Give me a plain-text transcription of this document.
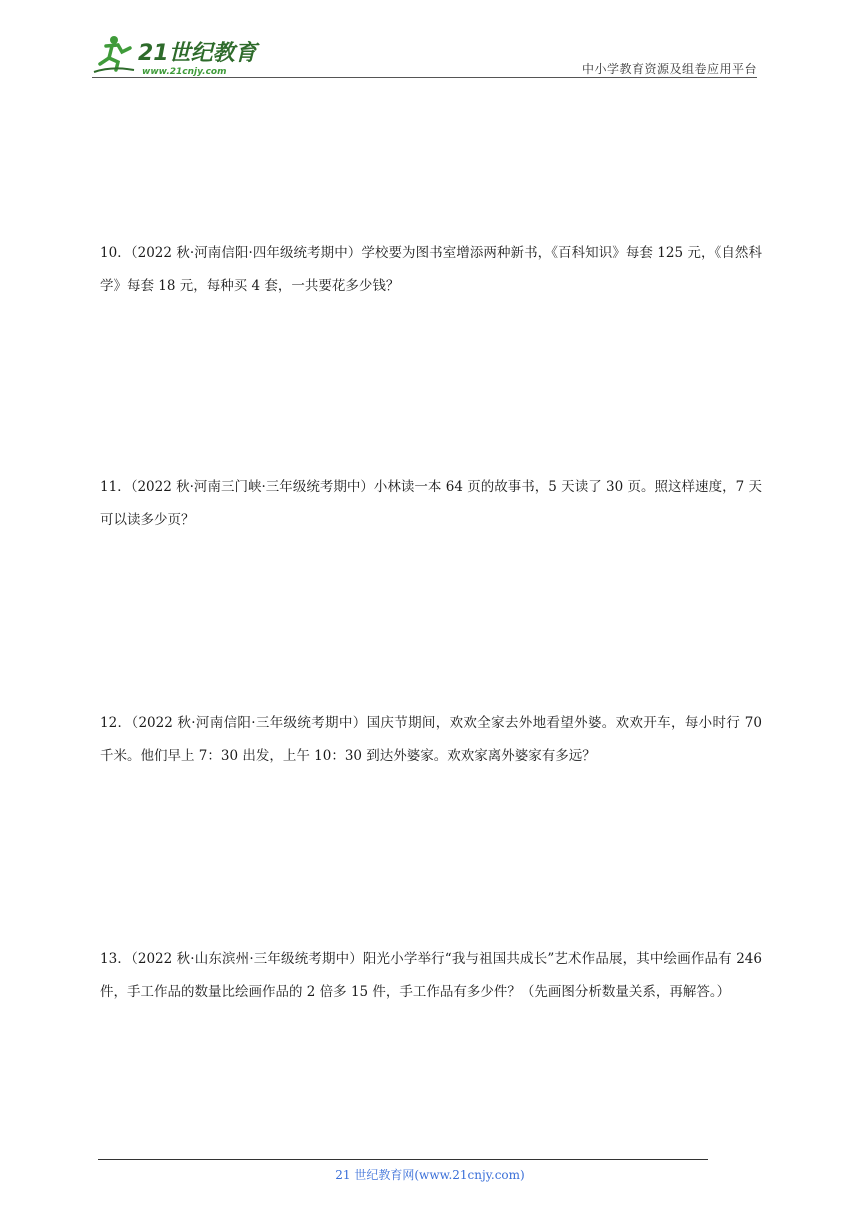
21世纪教育
www.21cnjy.com	中小学教育资源及组卷应用平台
10．（2022 秋·河南信阳·四年级统考期中）学校要为图书室增添两种新书，《百科知识》每套 125 元，《自然科学》每套 18 元，每种买 4 套，一共要花多少钱？
11．（2022 秋·河南三门峡·三年级统考期中）小林读一本 64 页的故事书，5 天读了 30 页。照这样速度，7 天可以读多少页？
12．（2022 秋·河南信阳·三年级统考期中）国庆节期间，欢欢全家去外地看望外婆。欢欢开车，每小时行 70 千米。他们早上 7：30 出发，上午 10：30 到达外婆家。欢欢家离外婆家有多远？
13．（2022 秋·山东滨州·三年级统考期中）阳光小学举行“我与祖国共成长”艺术作品展，其中绘画作品有 246 件，手工作品的数量比绘画作品的 2 倍多 15 件，手工作品有多少件？（先画图分析数量关系，再解答。）
21 世纪教育网(www.21cnjy.com)
